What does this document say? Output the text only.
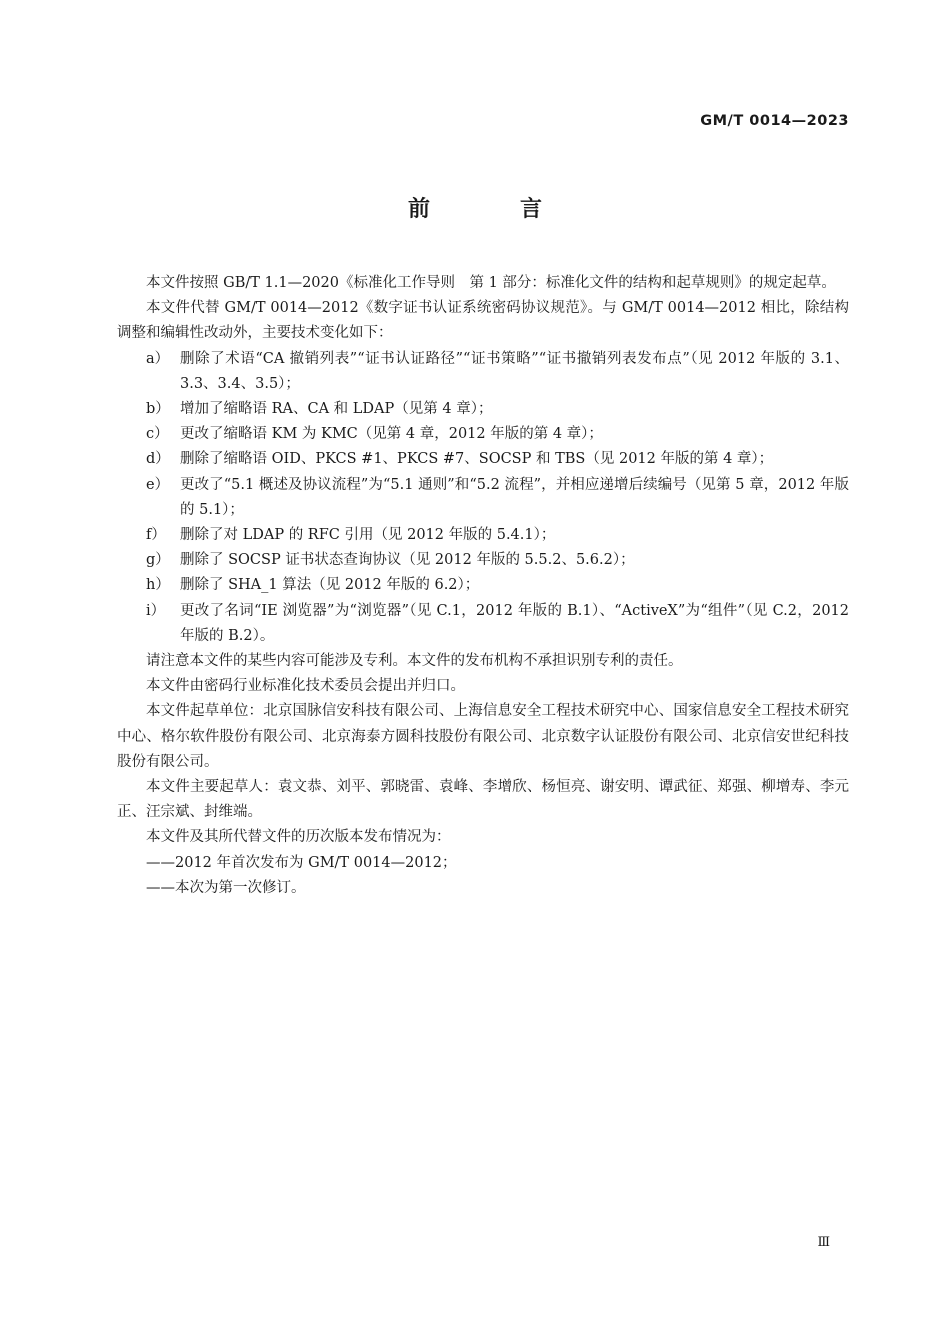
GM/T 0014—2023
前　言

本文件按照 GB/T 1.1—2020《标准化工作导则　第 1 部分：标准化文件的结构和起草规则》的规定起草。

本文件代替 GM/T 0014—2012《数字证书认证系统密码协议规范》。与 GM/T 0014—2012 相比，除结构调整和编辑性改动外，主要技术变化如下：

a） 删除了术语“CA 撤销列表”“证书认证路径”“证书策略”“证书撤销列表发布点”（见 2012 年版的 3.1、3.3、3.4、3.5）；
b） 增加了缩略语 RA、CA 和 LDAP（见第 4 章）；
c） 更改了缩略语 KM 为 KMC（见第 4 章，2012 年版的第 4 章）；
d） 删除了缩略语 OID、PKCS #1、PKCS #7、SOCSP 和 TBS（见 2012 年版的第 4 章）；
e） 更改了“5.1 概述及协议流程”为“5.1 通则”和“5.2 流程”，并相应递增后续编号（见第 5 章，2012 年版的 5.1）；
f） 删除了对 LDAP 的 RFC 引用（见 2012 年版的 5.4.1）；
g） 删除了 SOCSP 证书状态查询协议（见 2012 年版的 5.5.2、5.6.2）；
h） 删除了 SHA_1 算法（见 2012 年版的 6.2）；
i） 更改了名词“IE 浏览器”为“浏览器”（见 C.1，2012 年版的 B.1）、“ActiveX”为“组件”（见 C.2，2012 年版的 B.2）。

请注意本文件的某些内容可能涉及专利。本文件的发布机构不承担识别专利的责任。

本文件由密码行业标准化技术委员会提出并归口。

本文件起草单位：北京国脉信安科技有限公司、上海信息安全工程技术研究中心、国家信息安全工程技术研究中心、格尔软件股份有限公司、北京海泰方圆科技股份有限公司、北京数字认证股份有限公司、北京信安世纪科技股份有限公司。

本文件主要起草人：袁文恭、刘平、郭晓雷、袁峰、李增欣、杨恒亮、谢安明、谭武征、郑强、柳增寿、李元正、汪宗斌、封维端。

本文件及其所代替文件的历次版本发布情况为：

——2012 年首次发布为 GM/T 0014—2012；

——本次为第一次修订。

Ⅲ
